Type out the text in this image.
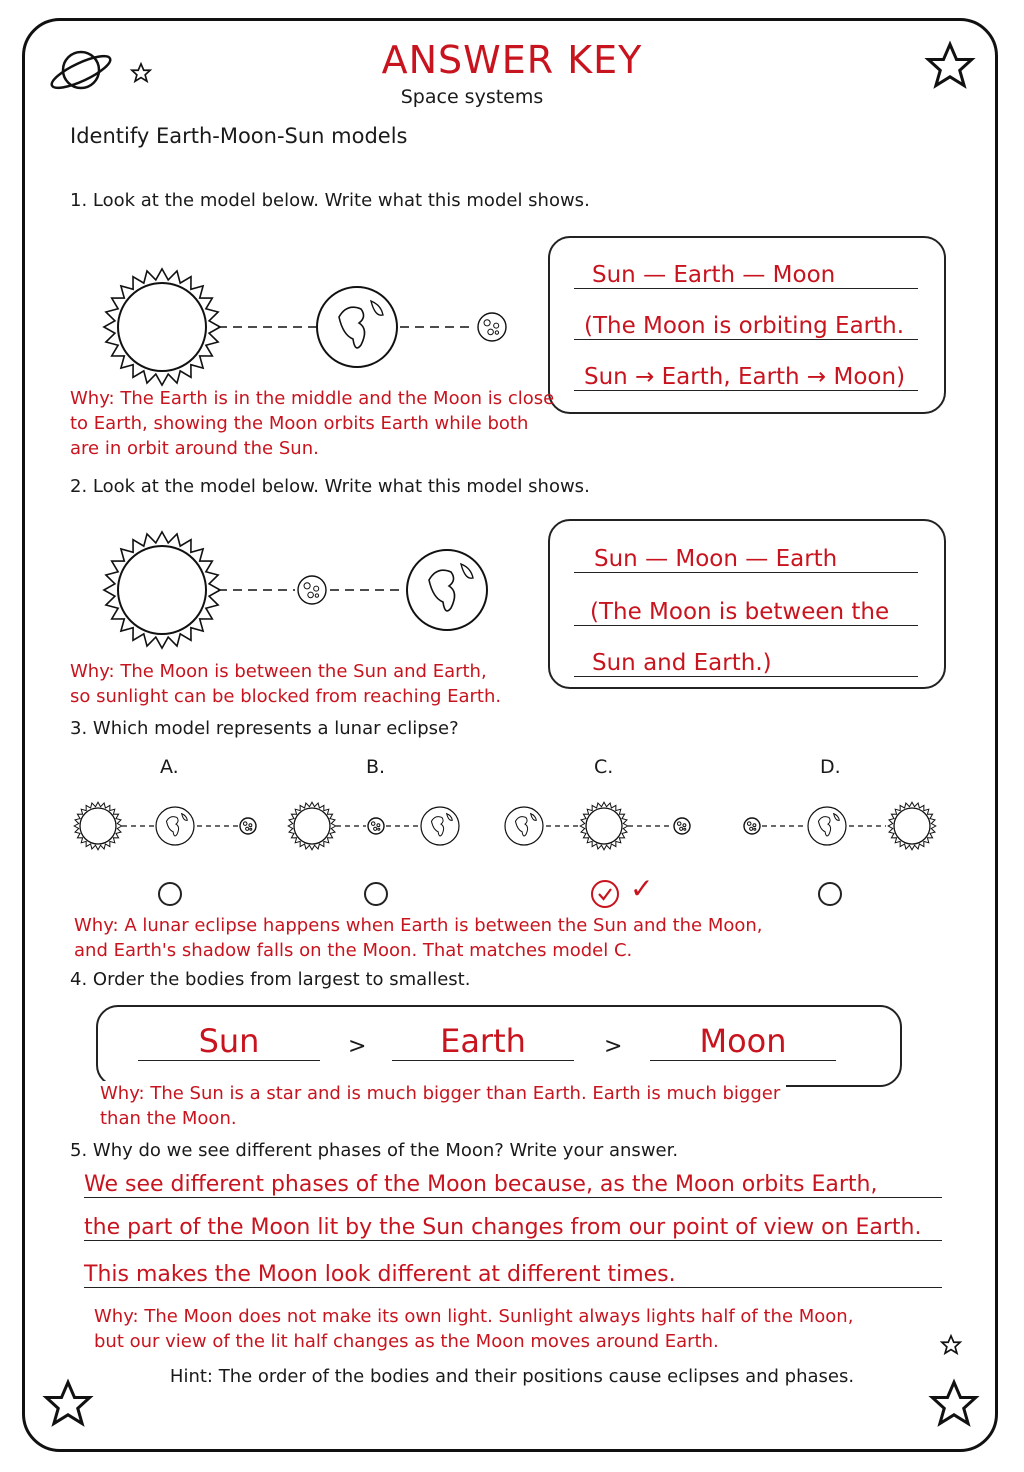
ANSWER KEY
Space systems
Identify Earth-Moon-Sun models
1. Look at the model below. Write what this model shows.
Sun — Earth — Moon
(The Moon is orbiting Earth.
Sun → Earth, Earth → Moon)
Why: The Earth is in the middle and the Moon is close
to Earth, showing the Moon orbits Earth while both
are in orbit around the Sun.
2. Look at the model below. Write what this model shows.
Sun — Moon — Earth
(The Moon is between the
Sun and Earth.)
Why: The Moon is between the Sun and Earth,
so sunlight can be blocked from reaching Earth.
3. Which model represents a lunar eclipse?
A.	B.	C.	D.
✓
Why: A lunar eclipse happens when Earth is between the Sun and the Moon,
and Earth's shadow falls on the Moon. That matches model C.
4. Order the bodies from largest to smallest.
Sun	>	Earth	>	Moon
Why: The Sun is a star and is much bigger than Earth. Earth is much bigger
than the Moon.
5. Why do we see different phases of the Moon? Write your answer.
We see different phases of the Moon because, as the Moon orbits Earth,
the part of the Moon lit by the Sun changes from our point of view on Earth.
This makes the Moon look different at different times.
Why: The Moon does not make its own light. Sunlight always lights half of the Moon,
but our view of the lit half changes as the Moon moves around Earth.
Hint: The order of the bodies and their positions cause eclipses and phases.
